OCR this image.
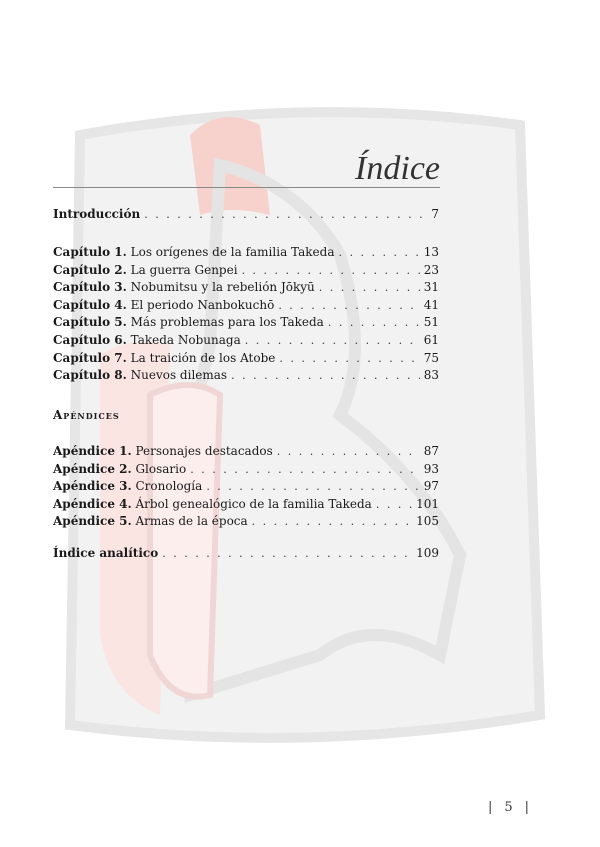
Índice
Introducción . . .	7
Capítulo 1. Los orígenes de la familia Takeda . . .	13
Capítulo 2. La guerra Genpei . . .	23
Capítulo 3. Nobumitsu y la rebelión Jōkyū . . .	31
Capítulo 4. El periodo Nanbokuchō . . .	41
Capítulo 5. Más problemas para los Takeda . . .	51
Capítulo 6. Takeda Nobunaga . . .	61
Capítulo 7. La traición de los Atobe . . .	75
Capítulo 8. Nuevos dilemas . . .	83
Apéndices
Apéndice 1. Personajes destacados . . .	87
Apéndice 2. Glosario . . .	93
Apéndice 3. Cronología . . .	97
Apéndice 4. Árbol genealógico de la familia Takeda . . .	101
Apéndice 5. Armas de la época . . .	105
Índice analítico . . .	109
| 5 |
